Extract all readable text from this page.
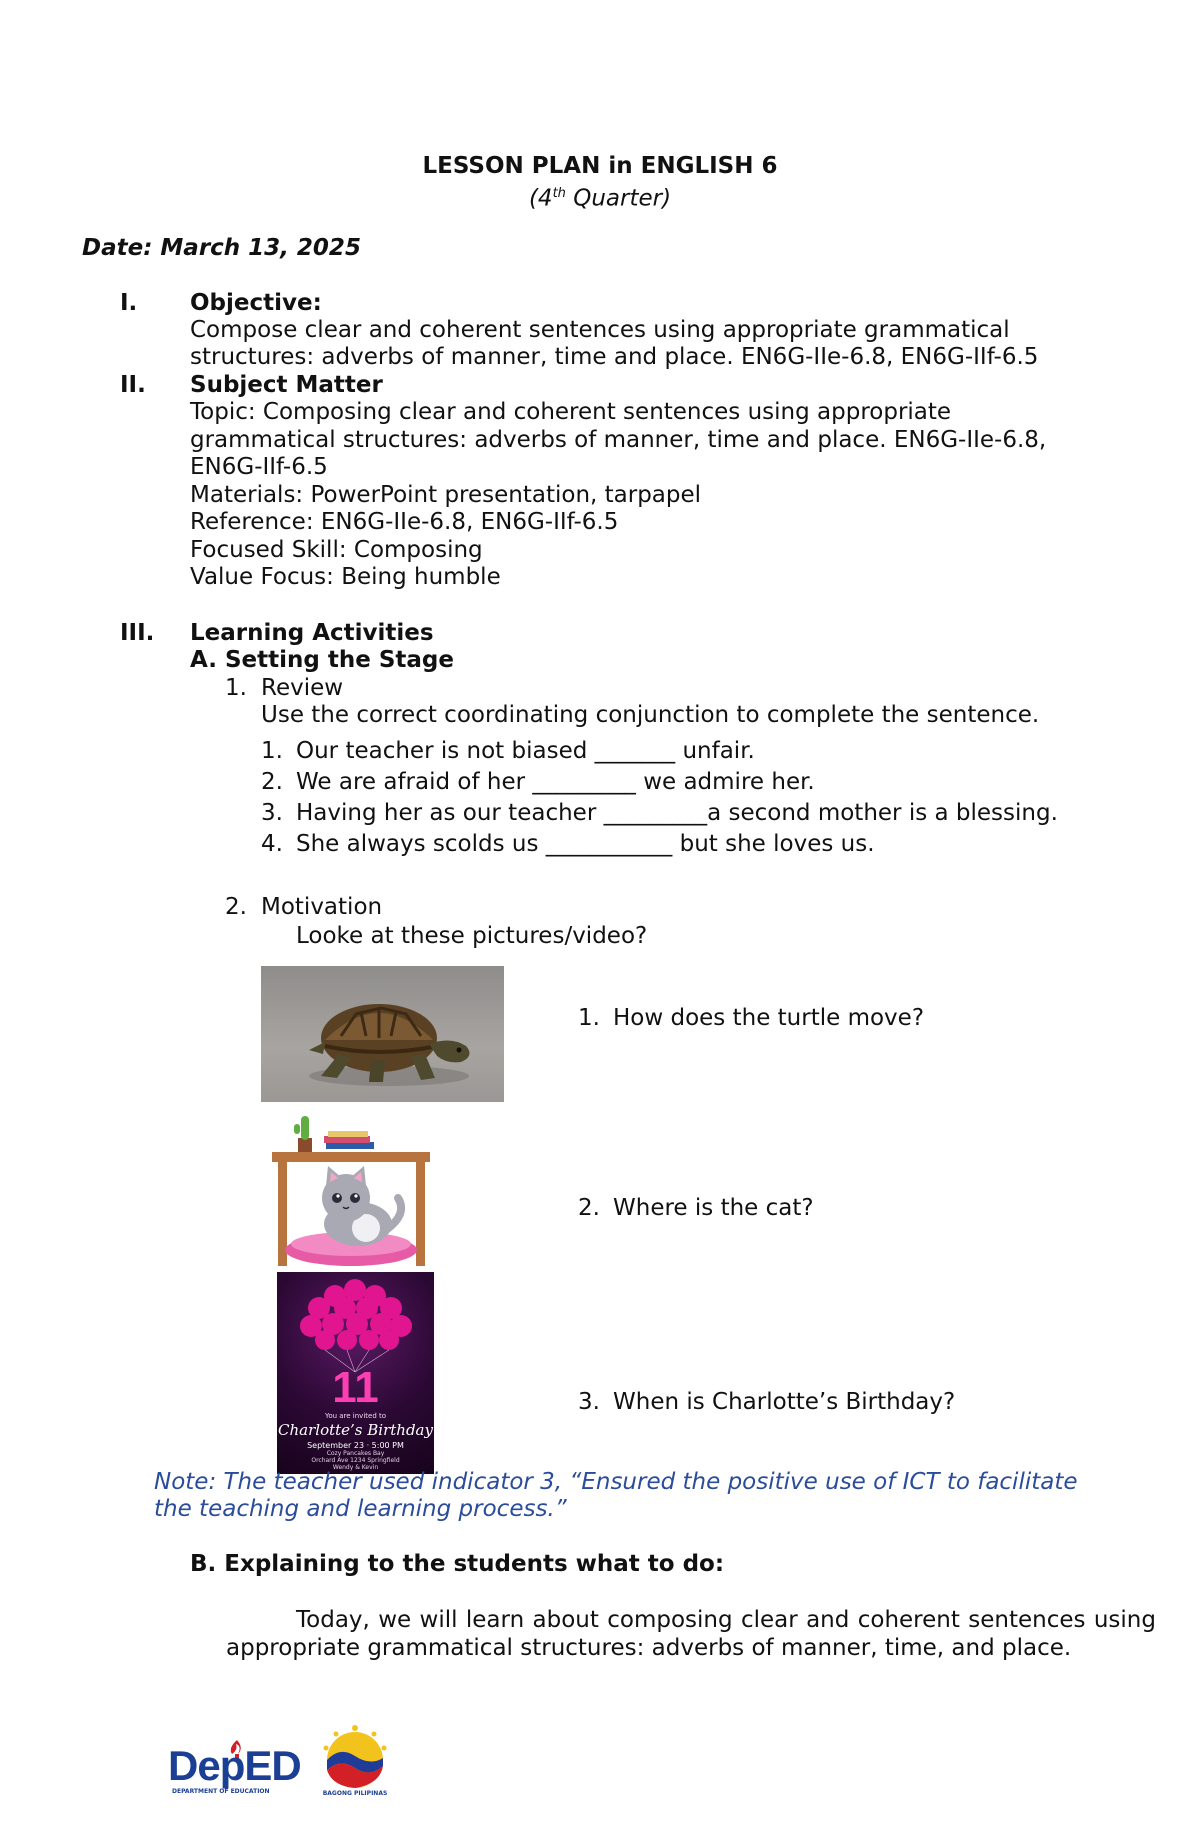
LESSON PLAN in ENGLISH 6
(4th Quarter)
Date: March 13, 2025
I. Objective:
Compose clear and coherent sentences using appropriate grammatical
structures: adverbs of manner, time and place. EN6G-IIe-6.8, EN6G-IIf-6.5
II. Subject Matter
Topic: Composing clear and coherent sentences using appropriate
grammatical structures: adverbs of manner, time and place. EN6G-IIe-6.8,
EN6G-IIf-6.5
Materials: PowerPoint presentation, tarpapel
Reference: EN6G-IIe-6.8, EN6G-IIf-6.5
Focused Skill: Composing
Value Focus: Being humble
III. Learning Activities
A. Setting the Stage
1. Review
Use the correct coordinating conjunction to complete the sentence.
1. Our teacher is not biased _______ unfair.
2. We are afraid of her _________ we admire her.
3. Having her as our teacher _________a second mother is a blessing.
4. She always scolds us ___________ but she loves us.
2. Motivation
Looke at these pictures/video?
1. How does the turtle move?
2. Where is the cat?
11
You are invited to
Charlotte’s Birthday
September 23 · 5:00 PM
Cozy Pancakes Bay
Orchard Ave 1234 Springfield
Wendy & Kevin
3. When is Charlotte’s Birthday?
Note: The teacher used indicator 3, “Ensured the positive use of ICT to facilitate
the teaching and learning process.”
B. Explaining to the students what to do:
Today, we will learn about composing clear and coherent sentences using appropriate grammatical structures: adverbs of manner, time, and place.
DepED
DEPARTMENT OF EDUCATION	BAGONG PILIPINAS
